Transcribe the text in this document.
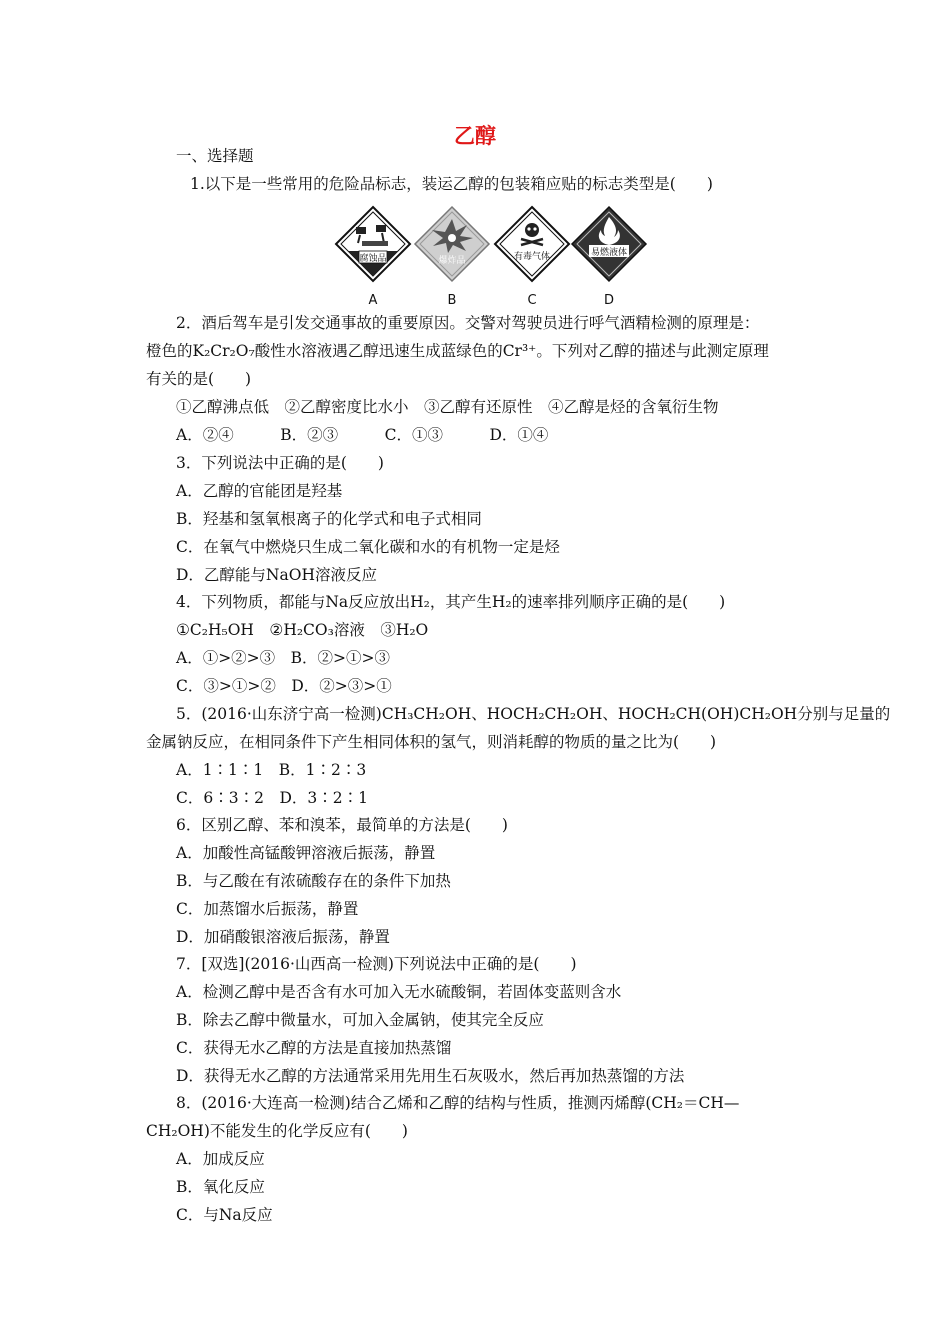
乙醇
一、选择题
1.以下是一些常用的危险品标志，装运乙醇的包装箱应贴的标志类型是(　　)
腐蚀品	爆炸品	有毒气体	易燃液体
A	B	C	D
2．酒后驾车是引发交通事故的重要原因。交警对驾驶员进行呼气酒精检测的原理是：
橙色的K₂Cr₂O₇酸性水溶液遇乙醇迅速生成蓝绿色的Cr³⁺。下列对乙醇的描述与此测定原理
有关的是(　　)
①乙醇沸点低　②乙醇密度比水小　③乙醇有还原性　④乙醇是烃的含氧衍生物
A．②④　　　B．②③　　　C．①③　　　D．①④
3．下列说法中正确的是(　　)
A．乙醇的官能团是羟基
B．羟基和氢氧根离子的化学式和电子式相同
C．在氧气中燃烧只生成二氧化碳和水的有机物一定是烃
D．乙醇能与NaOH溶液反应
4．下列物质，都能与Na反应放出H₂，其产生H₂的速率排列顺序正确的是(　　)
①C₂H₅OH　②H₂CO₃溶液　③H₂O
A．①>②>③　B．②>①>③
C．③>①>②　D．②>③>①
5．(2016·山东济宁高一检测)CH₃CH₂OH、HOCH₂CH₂OH、HOCH₂CH(OH)CH₂OH分别与足量的
金属钠反应，在相同条件下产生相同体积的氢气，则消耗醇的物质的量之比为(　　)
A．1∶1∶1　B．1∶2∶3
C．6∶3∶2　D．3∶2∶1
6．区别乙醇、苯和溴苯，最简单的方法是(　　)
A．加酸性高锰酸钾溶液后振荡，静置
B．与乙酸在有浓硫酸存在的条件下加热
C．加蒸馏水后振荡，静置
D．加硝酸银溶液后振荡，静置
7．[双选](2016·山西高一检测)下列说法中正确的是(　　)
A．检测乙醇中是否含有水可加入无水硫酸铜，若固体变蓝则含水
B．除去乙醇中微量水，可加入金属钠，使其完全反应
C．获得无水乙醇的方法是直接加热蒸馏
D．获得无水乙醇的方法通常采用先用生石灰吸水，然后再加热蒸馏的方法
8．(2016·大连高一检测)结合乙烯和乙醇的结构与性质，推测丙烯醇(CH₂＝CH—
CH₂OH)不能发生的化学反应有(　　)
A．加成反应
B．氧化反应
C．与Na反应
